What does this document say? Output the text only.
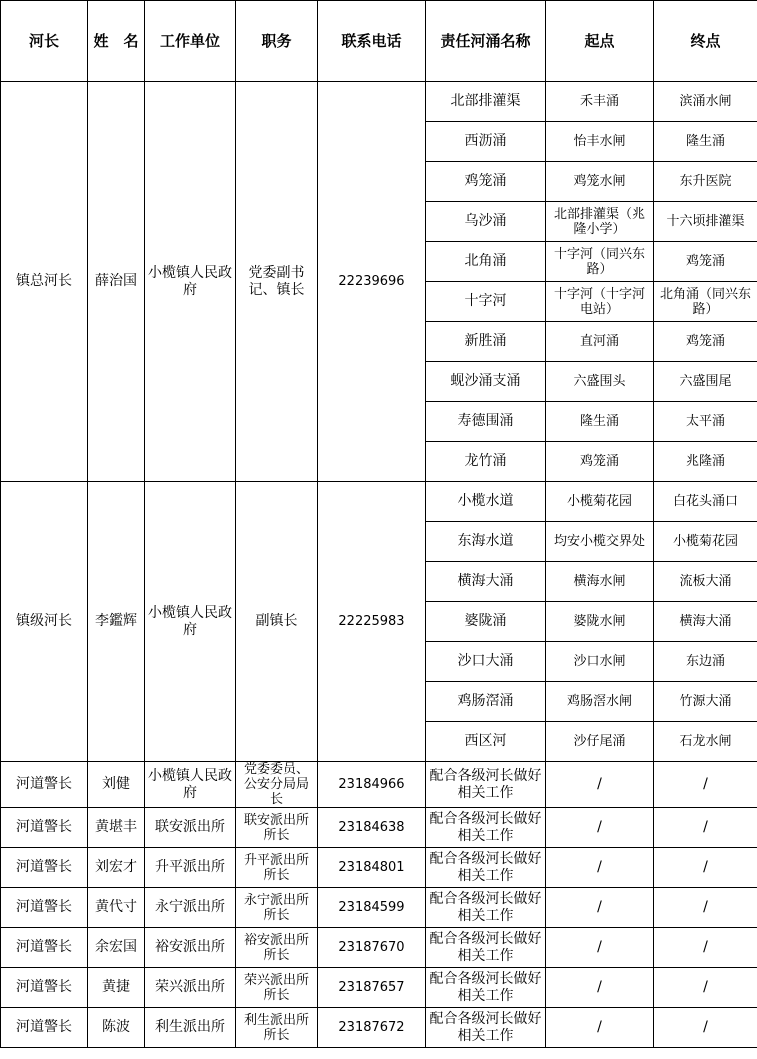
河长	姓　名	工作单位	职务	联系电话	责任河涌名称	起点	终点
镇总河长	薛治国	小榄镇人民政府	党委副书记、镇长	22239696	北部排灌渠	禾丰涌	滨涌水闸
					西沥涌	怡丰水闸	隆生涌
					鸡笼涌	鸡笼水闸	东升医院
					乌沙涌	北部排灌渠（兆隆小学）	十六顷排灌渠
					北角涌	十字河（同兴东路）	鸡笼涌
					十字河	十字河（十字河电站）	北角涌（同兴东路）
					新胜涌	直河涌	鸡笼涌
					蚬沙涌支涌	六盛围头	六盛围尾
					寿德围涌	隆生涌	太平涌
					龙竹涌	鸡笼涌	兆隆涌
镇级河长	李鑑辉	小榄镇人民政府	副镇长	22225983	小榄水道	小榄菊花园	白花头涌口
					东海水道	均安小榄交界处	小榄菊花园
					横海大涌	横海水闸	流板大涌
					婆陇涌	婆陇水闸	横海大涌
					沙口大涌	沙口水闸	东边涌
					鸡肠滘涌	鸡肠滘水闸	竹源大涌
					西区河	沙仔尾涌	石龙水闸
河道警长	刘健	小榄镇人民政府	党委委员、公安分局局长	23184966	配合各级河长做好相关工作	/	/
河道警长	黄堪丰	联安派出所	联安派出所所长	23184638	配合各级河长做好相关工作	/	/
河道警长	刘宏才	升平派出所	升平派出所所长	23184801	配合各级河长做好相关工作	/	/
河道警长	黄代寸	永宁派出所	永宁派出所所长	23184599	配合各级河长做好相关工作	/	/
河道警长	余宏国	裕安派出所	裕安派出所所长	23187670	配合各级河长做好相关工作	/	/
河道警长	黄捷	荣兴派出所	荣兴派出所所长	23187657	配合各级河长做好相关工作	/	/
河道警长	陈波	利生派出所	利生派出所所长	23187672	配合各级河长做好相关工作	/	/
